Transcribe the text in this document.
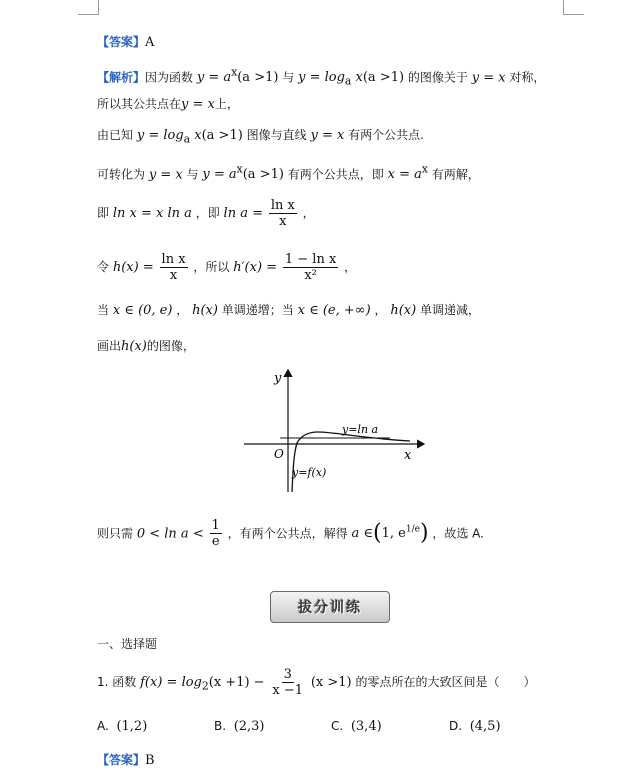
【答案】A
【解析】因为函数 $y = a^x(a >1)$ 与 $y = \log_a x(a >1)$ 的图像关于 y = x 对称，
所以其公共点在y = x上，
由已知 $y = \log_a x(a >1)$ 图像与直线 y = x 有两个公共点.
可转化为 y = x 与 $y = a^x(a >1)$ 有两个公共点，即 $x = a^x$ 有两解，
即 ln x = x ln a ，即 $\ln a = \frac{\text{ln x}}{x}$ ，
令 $h(x) = \frac{\text{ln x}}{x}$ ，所以 $h'(x) = \frac{\text{1 − ln x}}{\text{x²}}$ ，
当 x ∈ (0, e) ， h(x) 单调递增；当 x ∈ (e, +∞) ， h(x) 单调递减，
画出h(x)的图像，
y
x
O
y=ln a
y=f(x)
则只需 $0 < \ln a < \frac{1}{e}$ ，有两个公共点，解得 a ∈(1, $e^{1/e}$) ，故选 A.
拔分训练
一、选择题
1. 函数 $f(x) = \log_2(x +1) - \frac{3}{x -1} (x >1)$ 的零点所在的大致区间是（　　）
A. (1,2)	B. (2,3)	C. (3,4)	D. (4,5)
【答案】B
